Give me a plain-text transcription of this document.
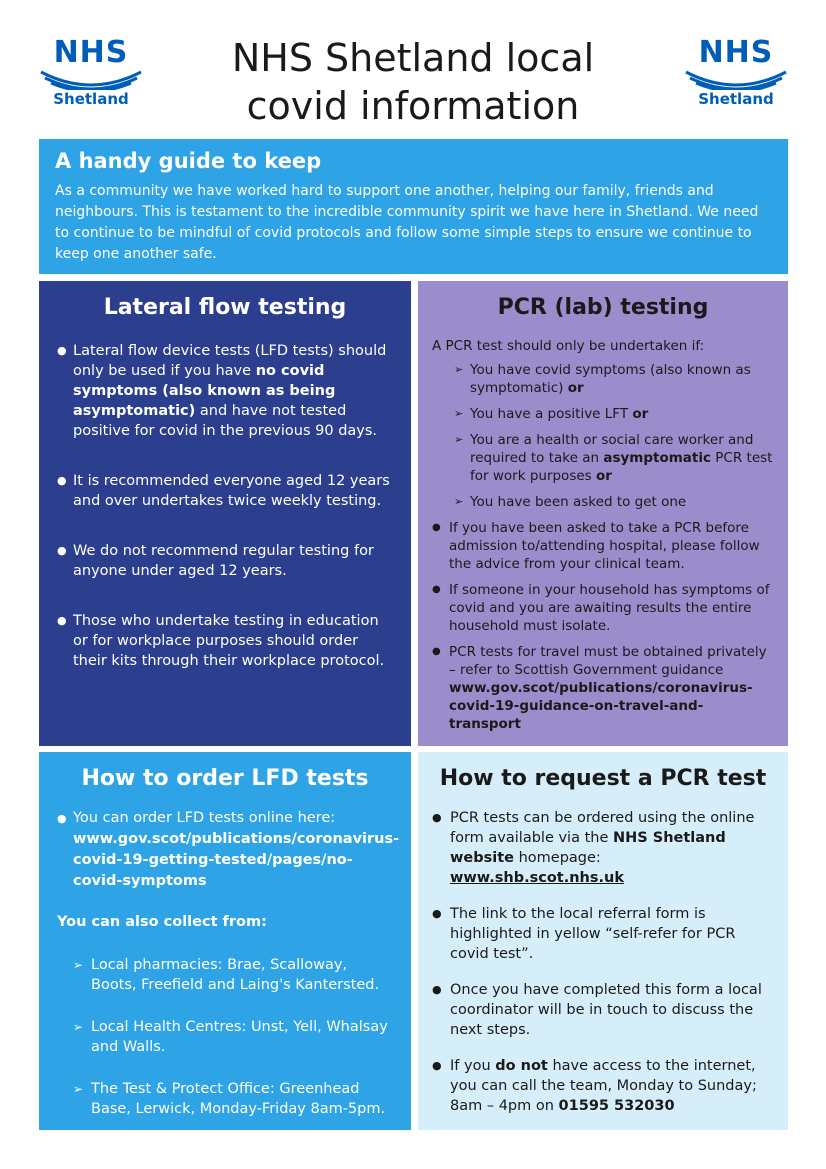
NHS
Shetland
NHS Shetland local
covid information
NHS
Shetland
A handy guide to keep

As a community we have worked hard to support one another, helping our family, friends and neighbours. This is testament to the incredible community spirit we have here in Shetland. We need to continue to be mindful of covid protocols and follow some simple steps to ensure we continue to keep one another safe.

Lateral flow testing
● Lateral flow device tests (LFD tests) should only be used if you have no covid symptoms (also known as being asymptomatic) and have not tested positive for covid in the previous 90 days.
● It is recommended everyone aged 12 years and over undertakes twice weekly testing.
● We do not recommend regular testing for anyone under aged 12 years.
● Those who undertake testing in education or for workplace purposes should order their kits through their workplace protocol.
PCR (lab) testing

A PCR test should only be undertaken if:

➢ You have covid symptoms (also known as symptomatic) or
➢ You have a positive LFT or
➢ You are a health or social care worker and required to take an asymptomatic PCR test for work purposes or
➢ You have been asked to get one
● If you have been asked to take a PCR before admission to/attending hospital, please follow the advice from your clinical team.
● If someone in your household has symptoms of covid and you are awaiting results the entire household must isolate.
● PCR tests for travel must be obtained privately – refer to Scottish Government guidance www.gov.scot/publications/coronavirus-covid-19-guidance-on-travel-and-transport
How to order LFD tests
● You can order LFD tests online here: www.gov.scot/publications/coronavirus-covid-19-getting-tested/pages/no-covid-symptoms

You can also collect from:

➢ Local pharmacies: Brae, Scalloway, Boots, Freefield and Laing's Kantersted.
➢ Local Health Centres: Unst, Yell, Whalsay and Walls.
➢ The Test & Protect Office: Greenhead Base, Lerwick, Monday-Friday 8am-5pm.
How to request a PCR test
● PCR tests can be ordered using the online form available via the NHS Shetland website homepage: www.shb.scot.nhs.uk
● The link to the local referral form is highlighted in yellow “self-refer for PCR covid test”.
● Once you have completed this form a local coordinator will be in touch to discuss the next steps.
● If you do not have access to the internet, you can call the team, Monday to Sunday; 8am – 4pm on 01595 532030
